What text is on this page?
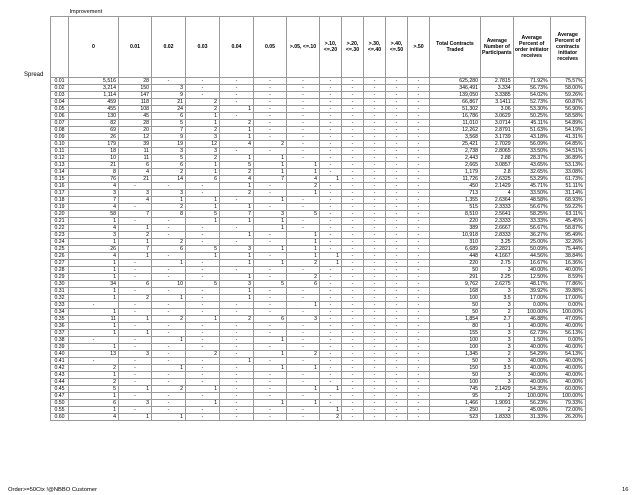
Spread
	Improvement															
	0	0.01	0.02	0.03	0.04	0.05	>.05, <=.10	>.10, <=.20	>.20, <=.30	>.30, <=.40	>.40, <=.50	>.50	Total Contracts Traded	Average Number of Participants	Average Percent of order initiator receives	Average Percent of contracts initiator receives
0.01	5,516	28	-	-	-	-	-	-	-	-	-	-	625,280	2.7815	71.92%	75.57%
0.02	3,214	150	3	-	-	-	-	-	-	-	-	-	346,491	3.334	56.73%	58.00%
0.03	1,114	147	9	-	-	-	-	-	-	-	-	-	139,050	3.3385	54.02%	59.26%
0.04	459	118	21	2	-	-	-	-	-	-	-	-	66,867	3.1411	52.73%	60.87%
0.05	455	108	24	2	1	-	-	-	-	-	-	-	51,302	3.06	53.30%	56.90%
0.06	130	45	6	1	-	-	-	-	-	-	-	-	16,786	3.0629	50.25%	58.58%
0.07	82	28	5	1	2	-	-	-	-	-	-	-	11,010	3.0714	45.11%	54.89%
0.08	69	20	7	2	1	-	-	-	-	-	-	-	12,262	2.8791	51.63%	54.19%
0.09	26	12	9	3	1	-	-	-	-	-	-	-	3,568	3.1739	43.18%	41.31%
0.10	179	39	19	12	4	2	-	-	-	-	-	-	25,421	2.7029	56.09%	64.85%
0.11	18	11	3	3	-	-	-	-	-	-	-	-	2,738	2.8065	33.50%	34.51%
0.12	10	11	5	2	1	1	-	-	-	-	-	-	2,443	2.88	28.37%	36.89%
0.13	21	6	6	1	5	1	1	-	-	-	-	-	2,665	3.0857	43.65%	53.13%
0.14	8	4	2	1	2	1	1	-	-	-	-	-	1,179	2.8	32.65%	33.08%
0.15	76	21	14	6	4	7	4	1	-	-	-	-	11,726	2.6325	53.29%	61.73%
0.16	4	-	-	-	1	-	2	-	-	-	-	-	450	2.1429	45.71%	51.11%
0.17	3	3	3	-	2	-	1	-	-	-	-	-	713	4	33.50%	31.14%
0.18	7	4	1	1	-	1	-	-	-	-	-	-	1,355	2.6364	48.58%	68.93%
0.19	4	-	2	1	1	-	-	-	-	-	-	-	515	2.3333	56.67%	59.22%
0.20	58	7	8	5	7	3	5	-	-	-	-	-	8,510	2.5641	58.25%	63.11%
0.21	1	-	-	1	1	1	-	-	-	-	-	-	220	2.3333	33.33%	45.45%
0.22	4	1	-	-	-	1	-	-	-	-	-	-	389	2.6667	56.67%	58.87%
0.23	3	2	-	-	1	-	1	-	-	-	-	-	10,918	2.8333	36.27%	95.49%
0.24	1	1	2	-	-	-	1	-	-	-	-	-	310	3.25	25.00%	32.26%
0.25	26	7	6	5	3	1	1	-	-	-	-	-	6,689	2.2821	50.09%	75.44%
0.26	4	1	-	1	1	-	1	1	-	-	-	-	448	4.1667	44.56%	38.84%
0.27	1	-	1	-	1	1	2	1	-	-	-	-	220	2.75	16.67%	16.36%
0.28	1	-	-	-	-	-	-	-	-	-	-	-	50	3	40.00%	40.00%
0.29	1	-	-	-	1	-	2	-	-	-	-	-	291	2.25	12.50%	8.59%
0.30	34	6	10	5	3	5	6	-	-	-	-	-	9,762	2.6275	48.17%	77.86%
0.31	1	-	-	-	1	-	-	-	-	-	-	-	168	3	39.92%	39.88%
0.32	1	2	1	-	1	-	-	-	-	-	-	-	100	3.5	17.00%	17.00%
0.33	-	-	-	-	-	-	1	-	-	-	-	-	50	3	0.00%	0.00%
0.34	1	-	-	-	-	-	-	-	-	-	-	-	50	2	100.00%	100.00%
0.35	11	1	2	1	2	6	3	-	-	-	-	-	1,854	2.7	46.88%	47.09%
0.36	1	-	-	-	-	-	-	-	-	-	-	-	80	1	40.00%	40.00%
0.37	1	1	-	-	-	-	-	-	-	-	-	-	155	3	62.73%	56.13%
0.38	-	-	1	-	-	1	-	-	-	-	-	-	100	3	1.50%	0.00%
0.39	1	-	-	-	-	-	-	-	-	-	-	-	100	3	40.00%	40.00%
0.40	13	3	-	2	-	1	2	-	-	-	-	-	1,345	2	54.29%	54.13%
0.41	-	-	-	-	1	-	-	-	-	-	-	-	50	3	40.00%	40.00%
0.42	2	-	1	-	-	1	1	-	-	-	-	-	150	3.5	40.00%	40.00%
0.43	1	-	-	-	-	-	-	-	-	-	-	-	50	3	40.00%	40.00%
0.44	2	-	-	-	-	-	-	-	-	-	-	-	100	3	40.00%	40.00%
0.45	5	1	2	1	-	-	1	1	-	-	-	-	745	2.1429	54.35%	60.00%
0.47	1	-	-	-	-	-	-	-	-	-	-	-	95	2	100.00%	100.00%
0.50	6	3	-	1	-	1	1	-	-	-	-	-	1,466	1.9091	56.23%	79.33%
0.55	1	-	-	-	-	-	-	1	-	-	-	-	250	2	45.00%	72.00%
0.60	4	1	1	-	-	-	-	2	-	-	-	-	523	1.8333	31.33%	26.20%
Order>=50Ctx !@NBBO Customer	16
